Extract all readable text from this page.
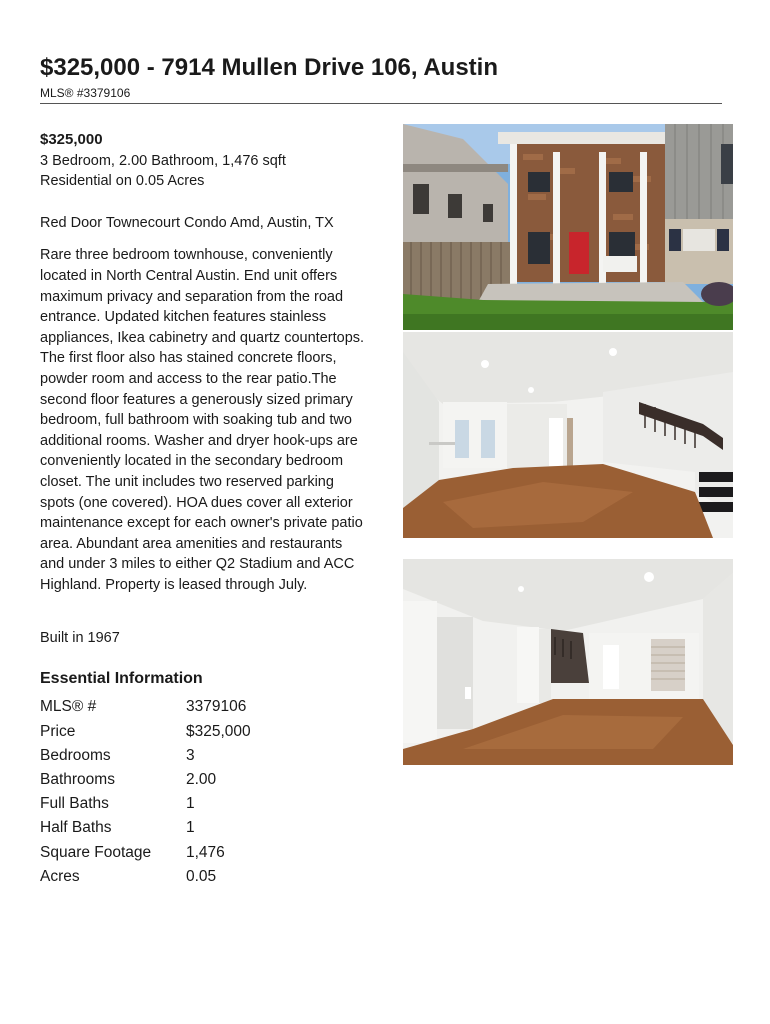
$325,000 - 7914 Mullen Drive 106, Austin
MLS® #3379106
$325,000
3 Bedroom, 2.00 Bathroom, 1,476 sqft
Residential on 0.05 Acres
Red Door Townecourt Condo Amd, Austin, TX
Rare three bedroom townhouse, conveniently located in North Central Austin. End unit offers maximum privacy and separation from the road entrance. Updated kitchen features stainless appliances, Ikea cabinetry and quartz countertops. The first floor also has stained concrete floors, powder room and access to the rear patio.The second floor features a generously sized primary bedroom, full bathroom with soaking tub and two additional rooms. Washer and dryer hook-ups are conveniently located in the secondary bedroom closet. The unit includes two reserved parking spots (one covered). HOA dues cover all exterior maintenance except for each owner's private patio area. Abundant area amenities and restaurants and under 3 miles to either Q2 Stadium and ACC Highland. Property is leased through July.
Built in 1967
Essential Information
MLS® #	3379106
Price	$325,000
Bedrooms	3
Bathrooms	2.00
Full Baths	1
Half Baths	1
Square Footage	1,476
Acres	0.05
